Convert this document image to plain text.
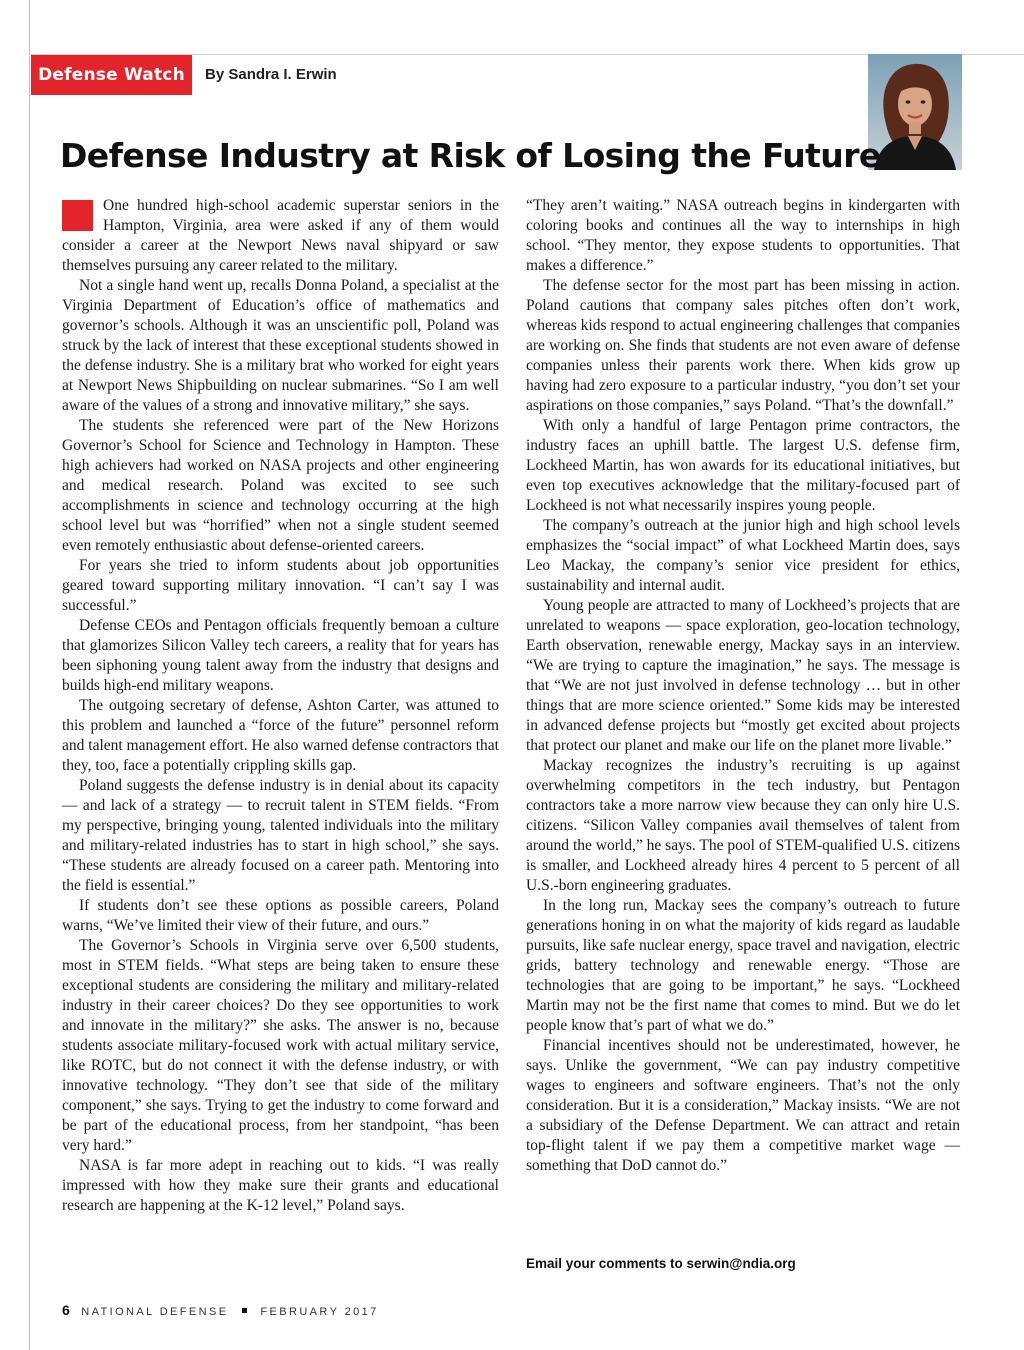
Defense Watch	By Sandra I. Erwin
Defense Industry at Risk of Losing the Future

One hundred high-school academic superstar seniors in the Hampton, Virginia, area were asked if any of them would consider a career at the Newport News naval shipyard or saw themselves pursuing any career related to the military.

Not a single hand went up, recalls Donna Poland, a specialist at the Virginia Department of Education’s office of mathematics and governor’s schools. Although it was an unscientific poll, Poland was struck by the lack of interest that these exceptional students showed in the defense industry. She is a military brat who worked for eight years at Newport News Shipbuilding on nuclear submarines. “So I am well aware of the values of a strong and innovative military,” she says.

The students she referenced were part of the New Horizons Governor’s School for Science and Technology in Hampton. These high achievers had worked on NASA projects and other engineering and medical research. Poland was excited to see such accomplishments in science and technology occurring at the high school level but was “horrified” when not a single student seemed even remotely enthusiastic about defense-oriented careers.

For years she tried to inform students about job opportunities geared toward supporting military innovation. “I can’t say I was successful.”

Defense CEOs and Pentagon officials frequently bemoan a culture that glamorizes Silicon Valley tech careers, a reality that for years has been siphoning young talent away from the industry that designs and builds high-end military weapons.

The outgoing secretary of defense, Ashton Carter, was attuned to this problem and launched a “force of the future” personnel reform and talent management effort. He also warned defense contractors that they, too, face a potentially crippling skills gap.

Poland suggests the defense industry is in denial about its capacity — and lack of a strategy — to recruit talent in STEM fields. “From my perspective, bringing young, talented individuals into the military and military-related industries has to start in high school,” she says. “These students are already focused on a career path. Mentoring into the field is essential.”

If students don’t see these options as possible careers, Poland warns, “We’ve limited their view of their future, and ours.”

The Governor’s Schools in Virginia serve over 6,500 students, most in STEM fields. “What steps are being taken to ensure these exceptional students are considering the military and military-related industry in their career choices? Do they see opportunities to work and innovate in the military?” she asks. The answer is no, because students associate military-focused work with actual military service, like ROTC, but do not connect it with the defense industry, or with innovative technology. “They don’t see that side of the military component,” she says. Trying to get the industry to come forward and be part of the educational process, from her standpoint, “has been very hard.”

NASA is far more adept in reaching out to kids. “I was really impressed with how they make sure their grants and educational research are happening at the K-12 level,” Poland says.

“They aren’t waiting.” NASA outreach begins in kindergarten with coloring books and continues all the way to internships in high school. “They mentor, they expose students to opportunities. That makes a difference.”

The defense sector for the most part has been missing in action. Poland cautions that company sales pitches often don’t work, whereas kids respond to actual engineering challenges that companies are working on. She finds that students are not even aware of defense companies unless their parents work there. When kids grow up having had zero exposure to a particular industry, “you don’t set your aspirations on those companies,” says Poland. “That’s the downfall.”

With only a handful of large Pentagon prime contractors, the industry faces an uphill battle. The largest U.S. defense firm, Lockheed Martin, has won awards for its educational initiatives, but even top executives acknowledge that the military-focused part of Lockheed is not what necessarily inspires young people.

The company’s outreach at the junior high and high school levels emphasizes the “social impact” of what Lockheed Martin does, says Leo Mackay, the company’s senior vice president for ethics, sustainability and internal audit.

Young people are attracted to many of Lockheed’s projects that are unrelated to weapons — space exploration, geo-location technology, Earth observation, renewable energy, Mackay says in an interview. “We are trying to capture the imagination,” he says. The message is that “We are not just involved in defense technology … but in other things that are more science oriented.” Some kids may be interested in advanced defense projects but “mostly get excited about projects that protect our planet and make our life on the planet more livable.”

Mackay recognizes the industry’s recruiting is up against overwhelming competitors in the tech industry, but Pentagon contractors take a more narrow view because they can only hire U.S. citizens. “Silicon Valley companies avail themselves of talent from around the world,” he says. The pool of STEM-qualified U.S. citizens is smaller, and Lockheed already hires 4 percent to 5 percent of all U.S.-born engineering graduates.

In the long run, Mackay sees the company’s outreach to future generations honing in on what the majority of kids regard as laudable pursuits, like safe nuclear energy, space travel and navigation, electric grids, battery technology and renewable energy. “Those are technologies that are going to be important,” he says. “Lockheed Martin may not be the first name that comes to mind. But we do let people know that’s part of what we do.”

Financial incentives should not be underestimated, however, he says. Unlike the government, “We can pay industry competitive wages to engineers and software engineers. That’s not the only consideration. But it is a consideration,” Mackay insists. “We are not a subsidiary of the Defense Department. We can attract and retain top-flight talent if we pay them a competitive market wage — something that DoD cannot do.”

Email your comments to serwin@ndia.org
6 NATIONAL DEFENSE	FEBRUARY 2017
